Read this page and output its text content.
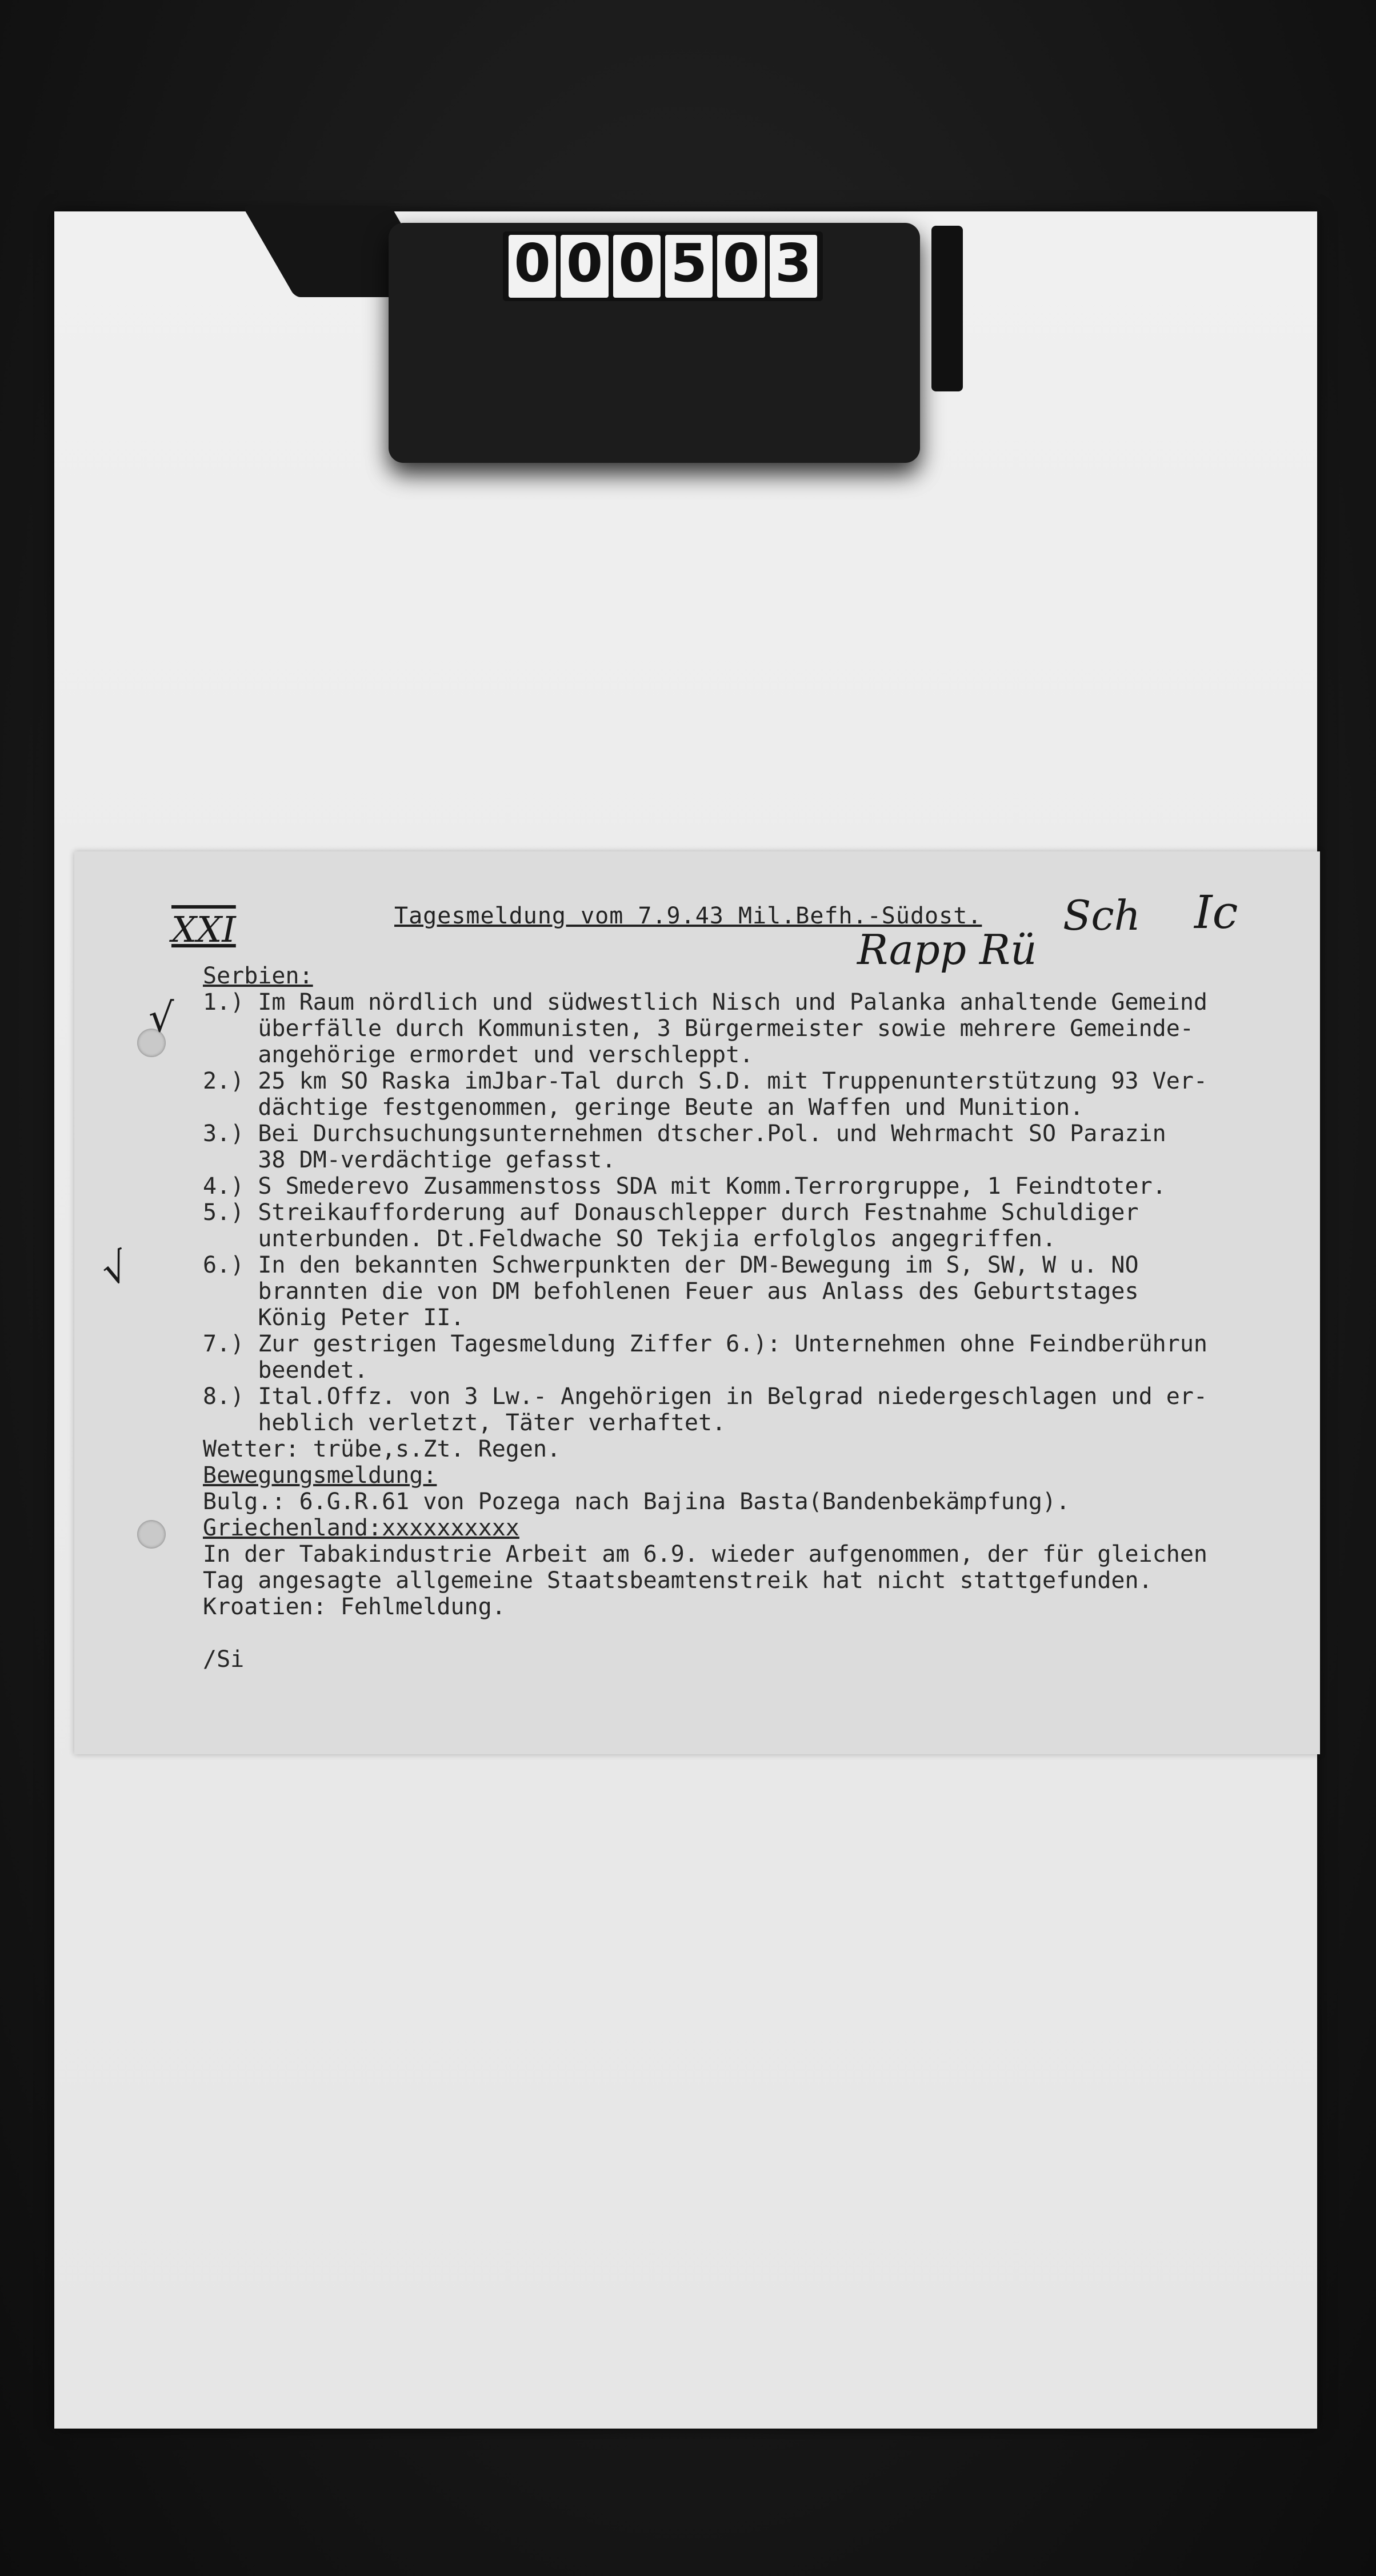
0 0 0 5 0 3
XXI	Rapp Rü
Sch Ic
√
√
Tagesmeldung vom 7.9.43 Mil.Befh.-Südost.
Serbien:
1.) Im Raum nördlich und südwestlich Nisch und Palanka anhaltende Gemeind
überfälle durch Kommunisten, 3 Bürgermeister sowie mehrere Gemeinde-
angehörige ermordet und verschleppt.
2.) 25 km SO Raska imJbar-Tal durch S.D. mit Truppenunterstützung 93 Ver-
dächtige festgenommen, geringe Beute an Waffen und Munition.
3.) Bei Durchsuchungsunternehmen dtscher.Pol. und Wehrmacht SO Parazin
38 DM-verdächtige gefasst.
4.) S Smederevo Zusammenstoss SDA mit Komm.Terrorgruppe, 1 Feindtoter.
5.) Streikaufforderung auf Donauschlepper durch Festnahme Schuldiger
unterbunden. Dt.Feldwache SO Tekjia erfolglos angegriffen.
6.) In den bekannten Schwerpunkten der DM-Bewegung im S, SW, W u. NO
brannten die von DM befohlenen Feuer aus Anlass des Geburtstages
König Peter II.
7.) Zur gestrigen Tagesmeldung Ziffer 6.): Unternehmen ohne Feindberührun
beendet.
8.) Ital.Offz. von 3 Lw.- Angehörigen in Belgrad niedergeschlagen und er-
heblich verletzt, Täter verhaftet.
Wetter: trübe,s.Zt. Regen.
Bewegungsmeldung:
Bulg.: 6.G.R.61 von Pozega nach Bajina Basta(Bandenbekämpfung).
Griechenland:xxxxxxxxxx
In der Tabakindustrie Arbeit am 6.9. wieder aufgenommen, der für gleichen
Tag angesagte allgemeine Staatsbeamtenstreik hat nicht stattgefunden.
Kroatien: Fehlmeldung.
/Si
